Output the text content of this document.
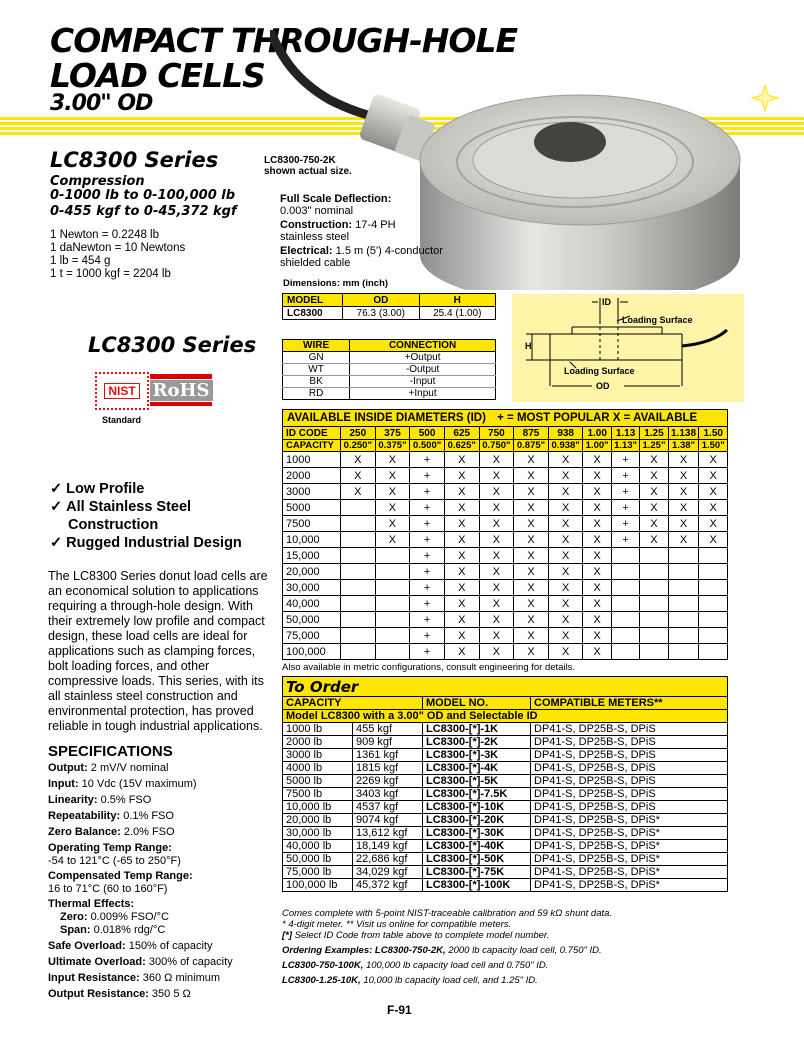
COMPACT THROUGH-HOLE
LOAD CELLS
3.00" OD
LC8300 Series
Compression
0-1000 lb to 0-100,000 lb
0-455 kgf to 0-45,372 kgf
1 Newton = 0.2248 lb
1 daNewton = 10 Newtons
1 lb = 454 g
1 t = 1000 kgf = 2204 lb
LC8300-750-2K
shown actual size.
Full Scale Deflection:
0.003" nominal
Construction: 17-4 PH
stainless steel
Electrical: 1.5 m (5') 4-conductor
shielded cable
Dimensions: mm (inch)
MODEL	OD	H
LC8300	76.3 (3.00)	25.4 (1.00)
LC8300 Series
NIST RoHS
Standard
WIRE	CONNECTION
GN	+Output
WT	-Output
BK	-Input
RD	+Input
ID
Loading Surface
H
Loading Surface
OD
✓ Low Profile
✓ All Stainless Steel
Construction
✓ Rugged Industrial Design
The LC8300 Series donut load cells are an economical solution to applications requiring a through-hole design. With their extremely low profile and compact design, these load cells are ideal for applications such as clamping forces, bolt loading forces, and other compressive loads. This series, with its all stainless steel construction and environmental protection, has proved reliable in tough industrial applications.
SPECIFICATIONS
Output: 2 mV/V nominal
Input: 10 Vdc (15V maximum)
Linearity: 0.5% FSO
Repeatability: 0.1% FSO
Zero Balance: 2.0% FSO
Operating Temp Range:
-54 to 121°C (-65 to 250°F)
Compensated Temp Range:
16 to 71°C (60 to 160°F)
Thermal Effects:
Zero: 0.009% FSO/°C
Span: 0.018% rdg/°C
Safe Overload: 150% of capacity
Ultimate Overload: 300% of capacity
Input Resistance: 360 Ω minimum
Output Resistance: 350 5 Ω
AVAILABLE INSIDE DIAMETERS (ID) + = MOST POPULAR X = AVAILABLE												
ID CODE	250	375	500	625	750	875	938	1.00	1.13	1.25	1.138	1.50
CAPACITY	0.250"	0.375"	0.500"	0.625"	0.750"	0.875"	0.938"	1.00"	1.13"	1.25"	1.38"	1.50"
1000	X	X	+	X	X	X	X	X	+	X	X	X
2000	X	X	+	X	X	X	X	X	+	X	X	X
3000	X	X	+	X	X	X	X	X	+	X	X	X
5000		X	+	X	X	X	X	X	+	X	X	X
7500		X	+	X	X	X	X	X	+	X	X	X
10,000		X	+	X	X	X	X	X	+	X	X	X
15,000			+	X	X	X	X	X				
20,000			+	X	X	X	X	X				
30,000			+	X	X	X	X	X				
40,000			+	X	X	X	X	X				
50,000			+	X	X	X	X	X				
75,000			+	X	X	X	X	X				
100,000			+	X	X	X	X	X				
Also available in metric configurations, consult engineering for details.
To Order			
CAPACITY		MODEL NO.	COMPATIBLE METERS**
Model LC8300 with a 3.00" OD and Selectable ID			
1000 lb	455 kgf	LC8300-[*]-1K	DP41-S, DP25B-S, DPiS
2000 lb	909 kgf	LC8300-[*]-2K	DP41-S, DP25B-S, DPiS
3000 lb	1361 kgf	LC8300-[*]-3K	DP41-S, DP25B-S, DPiS
4000 lb	1815 kgf	LC8300-[*]-4K	DP41-S, DP25B-S, DPiS
5000 lb	2269 kgf	LC8300-[*]-5K	DP41-S, DP25B-S, DPiS
7500 lb	3403 kgf	LC8300-[*]-7.5K	DP41-S, DP25B-S, DPiS
10,000 lb	4537 kgf	LC8300-[*]-10K	DP41-S, DP25B-S, DPiS
20,000 lb	9074 kgf	LC8300-[*]-20K	DP41-S, DP25B-S, DPiS*
30,000 lb	13,612 kgf	LC8300-[*]-30K	DP41-S, DP25B-S, DPiS*
40,000 lb	18,149 kgf	LC8300-[*]-40K	DP41-S, DP25B-S, DPiS*
50,000 lb	22,686 kgf	LC8300-[*]-50K	DP41-S, DP25B-S, DPiS*
75,000 lb	34,029 kgf	LC8300-[*]-75K	DP41-S, DP25B-S, DPiS*
100,000 lb	45,372 kgf	LC8300-[*]-100K	DP41-S, DP25B-S, DPiS*
Comes complete with 5-point NIST-traceable calibration and 59 kΩ shunt data.
* 4-digit meter. ** Visit us online for compatible meters.
[*] Select ID Code from table above to complete model number.
Ordering Examples: LC8300-750-2K, 2000 lb capacity load cell, 0.750" ID.
LC8300-750-100K, 100,000 lb capacity load cell and 0.750" ID.
LC8300-1.25-10K, 10,000 lb capacity load cell, and 1.25" ID.
F-91
